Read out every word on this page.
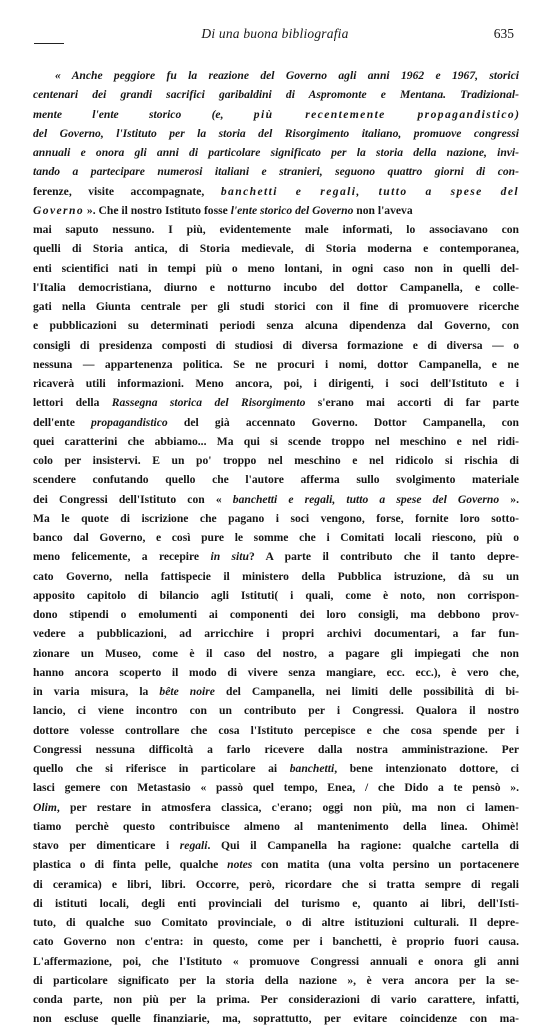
Di una buona bibliografia	635
« Anche peggiore fu la reazione del Governo agli anni 1962 e 1967, storici
centenari dei grandi sacrifici garibaldini di Aspromonte e Mentana. Tradizional-
mente l'ente storico (e, più recentemente propagandistico)
del Governo, l'Istituto per la storia del Risorgimento italiano, promuove congressi
annuali e onora gli anni di particolare significato per la storia della nazione, invi-
tando a partecipare numerosi italiani e stranieri, seguono quattro giorni di con-
ferenze, visite accompagnate, banchetti e regali, tutto a spese del
Governo ». Che il nostro Istituto fosse l'ente storico del Governo non l'aveva
mai saputo nessuno. I più, evidentemente male informati, lo associavano con
quelli di Storia antica, di Storia medievale, di Storia moderna e contemporanea,
enti scientifici nati in tempi più o meno lontani, in ogni caso non in quelli del-
l'Italia democristiana, diurno e notturno incubo del dottor Campanella, e colle-
gati nella Giunta centrale per gli studi storici con il fine di promuovere ricerche
e pubblicazioni su determinati periodi senza alcuna dipendenza dal Governo, con
consigli di presidenza composti di studiosi di diversa formazione e di diversa — o
nessuna — appartenenza politica. Se ne procuri i nomi, dottor Campanella, e ne
ricaverà utili informazioni. Meno ancora, poi, i dirigenti, i soci dell'Istituto e i
lettori della Rassegna storica del Risorgimento s'erano mai accorti di far parte
dell'ente propagandistico del già accennato Governo. Dottor Campanella, con
quei caratterini che abbiamo... Ma qui si scende troppo nel meschino e nel ridi-
colo per insistervi. E un po' troppo nel meschino e nel ridicolo si rischia di
scendere confutando quello che l'autore afferma sullo svolgimento materiale
dei Congressi dell'Istituto con « banchetti e regali, tutto a spese del Governo ».
Ma le quote di iscrizione che pagano i soci vengono, forse, fornite loro sotto-
banco dal Governo, e così pure le somme che i Comitati locali riescono, più o
meno felicemente, a recepire in situ? A parte il contributo che il tanto depre-
cato Governo, nella fattispecie il ministero della Pubblica istruzione, dà su un
apposito capitolo di bilancio agli Istituti( i quali, come è noto, non corrispon-
dono stipendi o emolumenti ai componenti dei loro consigli, ma debbono prov-
vedere a pubblicazioni, ad arricchire i propri archivi documentari, a far fun-
zionare un Museo, come è il caso del nostro, a pagare gli impiegati che non
hanno ancora scoperto il modo di vivere senza mangiare, ecc. ecc.), è vero che,
in varia misura, la bête noire del Campanella, nei limiti delle possibilità di bi-
lancio, ci viene incontro con un contributo per i Congressi. Qualora il nostro
dottore volesse controllare che cosa l'Istituto percepisce e che cosa spende per i
Congressi nessuna difficoltà a farlo ricevere dalla nostra amministrazione. Per
quello che si riferisce in particolare ai banchetti, bene intenzionato dottore, ci
lasci gemere con Metastasio « passò quel tempo, Enea, / che Dido a te pensò ».
Olim, per restare in atmosfera classica, c'erano; oggi non più, ma non ci lamen-
tiamo perchè questo contribuisce almeno al mantenimento della linea. Ohimè!
stavo per dimenticare i regali. Qui il Campanella ha ragione: qualche cartella di
plastica o di finta pelle, qualche notes con matita (una volta persino un portacenere
di ceramica) e libri, libri. Occorre, però, ricordare che si tratta sempre di regali
di istituti locali, degli enti provinciali del turismo e, quanto ai libri, dell'Isti-
tuto, di qualche suo Comitato provinciale, o di altre istituzioni culturali. Il depre-
cato Governo non c'entra: in questo, come per i banchetti, è proprio fuori causa.
L'affermazione, poi, che l'Istituto « promuove Congressi annuali e onora gli anni
di particolare significato per la storia della nazione », è vera ancora per la se-
conda parte, non più per la prima. Per considerazioni di vario carattere, infatti,
non escluse quelle finanziarie, ma, soprattutto, per evitare coincidenze con ma-
